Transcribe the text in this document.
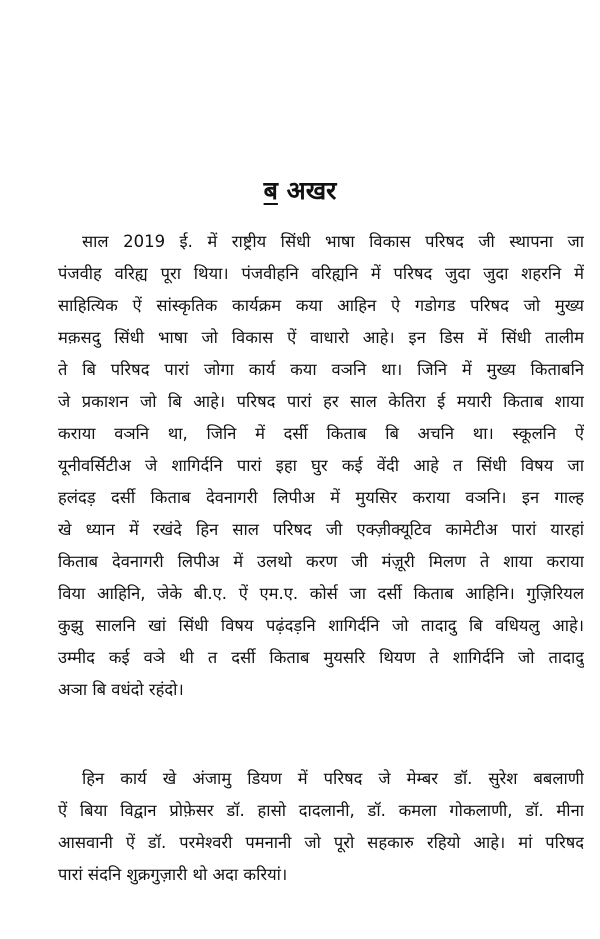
ब अखर
साल 2019 ई. में राष्ट्रीय सिंधी भाषा विकास परिषद जी स्थापना जा
पंजवीह वरिह्य पूरा थिया। पंजवीहनि वरिह्यनि में परिषद जुदा जुदा शहरनि में
साहित्यिक ऐं सांस्कृतिक कार्यक्रम कया आहिन ऐ गडोगड परिषद जो मुख्य
मक़सदु सिंधी भाषा जो विकास ऐं वाधारो आहे। इन डिस में सिंधी तालीम
ते बि परिषद पारां जोगा कार्य कया वञनि था। जिनि में मुख्य किताबनि
जे प्रकाशन जो बि आहे। परिषद पारां हर साल केतिरा ई मयारी किताब शाया
कराया वञनि था, जिनि में दर्सी किताब बि अचनि था। स्कूलनि ऐं
यूनीवर्सिटीअ जे शागिर्दनि पारां इहा घुर कई वेंदी आहे त सिंधी विषय जा
हलंदड़ दर्सी किताब देवनागरी लिपीअ में मुयसिर कराया वञनि। इन गाल्ह
खे ध्यान में रखंदे हिन साल परिषद जी एक्ज़ीक्यूटिव कामेटीअ पारां यारहां
किताब देवनागरी लिपीअ में उलथो करण जी मंज़ूरी मिलण ते शाया कराया
विया आहिनि, जेके बी.ए. ऐं एम.ए. कोर्स जा दर्सी किताब आहिनि। गुज़िरियल
कुझु सालनि खां सिंधी विषय पढ़ंदड़नि शागिर्दनि जो तादादु बि वधियलु आहे।
उम्मीद कई वञे थी त दर्सी किताब मुयसरि थियण ते शागिर्दनि जो तादादु
अञा बि वधंदो रहंदो।
हिन कार्य खे अंजामु डियण में परिषद जे मेम्बर डॉ. सुरेश बबलाणी
ऐं बिया विद्वान प्रोफ़ेसर डॉ. हासो दादलानी, डॉ. कमला गोकलाणी, डॉ. मीना
आसवानी ऐं डॉ. परमेश्वरी पमनानी जो पूरो सहकारु रहियो आहे। मां परिषद
पारां संदनि शुक्रगुज़ारी थो अदा करियां।
